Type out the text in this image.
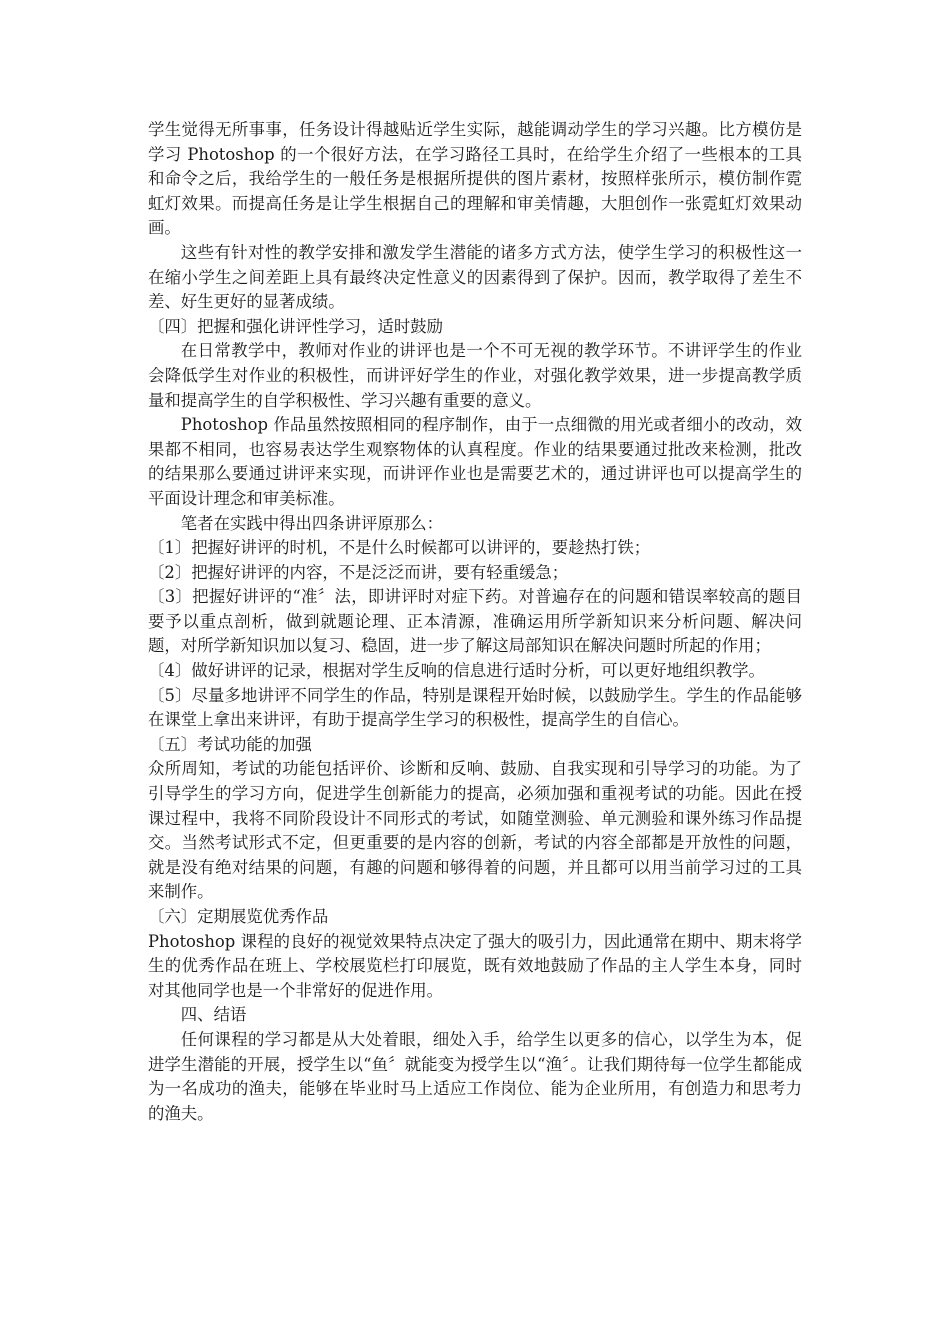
学生觉得无所事事，任务设计得越贴近学生实际，越能调动学生的学习兴趣。比方模仿是学习 Photoshop 的一个很好方法，在学习路径工具时，在给学生介绍了一些根本的工具和命令之后，我给学生的一般任务是根据所提供的图片素材，按照样张所示，模仿制作霓虹灯效果。而提高任务是让学生根据自己的理解和审美情趣，大胆创作一张霓虹灯效果动画。

这些有针对性的教学安排和激发学生潜能的诸多方式方法，使学生学习的积极性这一在缩小学生之间差距上具有最终决定性意义的因素得到了保护。因而，教学取得了差生不差、好生更好的显著成绩。

〔四〕把握和强化讲评性学习，适时鼓励

在日常教学中，教师对作业的讲评也是一个不可无视的教学环节。不讲评学生的作业会降低学生对作业的积极性，而讲评好学生的作业，对强化教学效果，进一步提高教学质量和提高学生的自学积极性、学习兴趣有重要的意义。

Photoshop 作品虽然按照相同的程序制作，由于一点细微的用光或者细小的改动，效果都不相同，也容易表达学生观察物体的认真程度。作业的结果要通过批改来检测，批改的结果那么要通过讲评来实现，而讲评作业也是需要艺术的，通过讲评也可以提高学生的平面设计理念和审美标准。

笔者在实践中得出四条讲评原那么：

〔1〕把握好讲评的时机，不是什么时候都可以讲评的，要趁热打铁；

〔2〕把握好讲评的内容，不是泛泛而讲，要有轻重缓急；

〔3〕把握好讲评的“准〞法，即讲评时对症下药。对普遍存在的问题和错误率较高的题目要予以重点剖析，做到就题论理、正本清源，准确运用所学新知识来分析问题、解决问题，对所学新知识加以复习、稳固，进一步了解这局部知识在解决问题时所起的作用；

〔4〕做好讲评的记录，根据对学生反响的信息进行适时分析，可以更好地组织教学。

〔5〕尽量多地讲评不同学生的作品，特别是课程开始时候，以鼓励学生。学生的作品能够在课堂上拿出来讲评，有助于提高学生学习的积极性，提高学生的自信心。

〔五〕考试功能的加强

众所周知，考试的功能包括评价、诊断和反响、鼓励、自我实现和引导学习的功能。为了引导学生的学习方向，促进学生创新能力的提高，必须加强和重视考试的功能。因此在授课过程中，我将不同阶段设计不同形式的考试，如随堂测验、单元测验和课外练习作品提交。当然考试形式不定，但更重要的是内容的创新，考试的内容全部都是开放性的问题，就是没有绝对结果的问题，有趣的问题和够得着的问题，并且都可以用当前学习过的工具来制作。

〔六〕定期展览优秀作品

Photoshop 课程的良好的视觉效果特点决定了强大的吸引力，因此通常在期中、期末将学生的优秀作品在班上、学校展览栏打印展览，既有效地鼓励了作品的主人学生本身，同时对其他同学也是一个非常好的促进作用。

四、结语

任何课程的学习都是从大处着眼，细处入手，给学生以更多的信心，以学生为本，促进学生潜能的开展，授学生以“鱼〞就能变为授学生以“渔〞。让我们期待每一位学生都能成为一名成功的渔夫，能够在毕业时马上适应工作岗位、能为企业所用，有创造力和思考力的渔夫。
